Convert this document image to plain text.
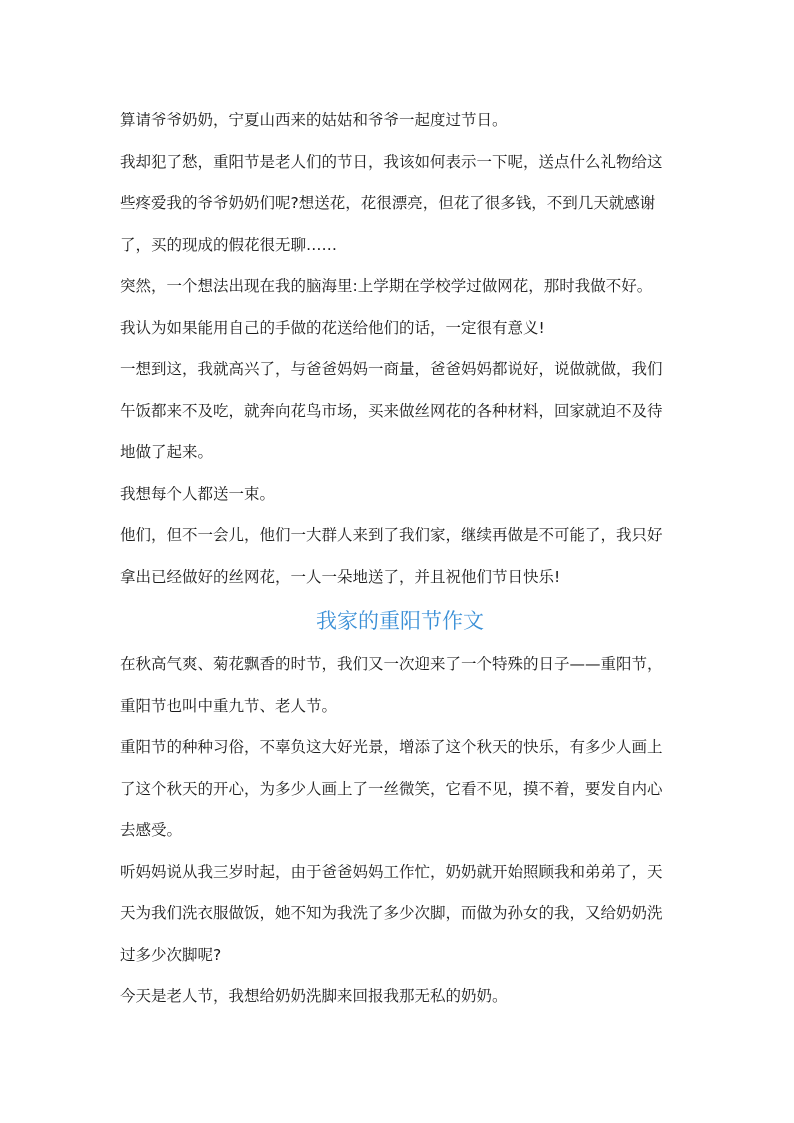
算请爷爷奶奶，宁夏山西来的姑姑和爷爷一起度过节日。
我却犯了愁，重阳节是老人们的节日，我该如何表示一下呢，送点什么礼物给这
些疼爱我的爷爷奶奶们呢?想送花，花很漂亮，但花了很多钱，不到几天就感谢
了，买的现成的假花很无聊……
突然，一个想法出现在我的脑海里:上学期在学校学过做网花，那时我做不好。
我认为如果能用自己的手做的花送给他们的话，一定很有意义!
一想到这，我就高兴了，与爸爸妈妈一商量，爸爸妈妈都说好，说做就做，我们
午饭都来不及吃，就奔向花鸟市场，买来做丝网花的各种材料，回家就迫不及待
地做了起来。
我想每个人都送一束。
他们，但不一会儿，他们一大群人来到了我们家，继续再做是不可能了，我只好
拿出已经做好的丝网花，一人一朵地送了，并且祝他们节日快乐!
我家的重阳节作文
在秋高气爽、菊花飘香的时节，我们又一次迎来了一个特殊的日子——重阳节，
重阳节也叫中重九节、老人节。
重阳节的种种习俗，不辜负这大好光景，增添了这个秋天的快乐，有多少人画上
了这个秋天的开心，为多少人画上了一丝微笑，它看不见，摸不着，要发自内心
去感受。
听妈妈说从我三岁时起，由于爸爸妈妈工作忙，奶奶就开始照顾我和弟弟了，天
天为我们洗衣服做饭，她不知为我洗了多少次脚，而做为孙女的我，又给奶奶洗
过多少次脚呢?
今天是老人节，我想给奶奶洗脚来回报我那无私的奶奶。
